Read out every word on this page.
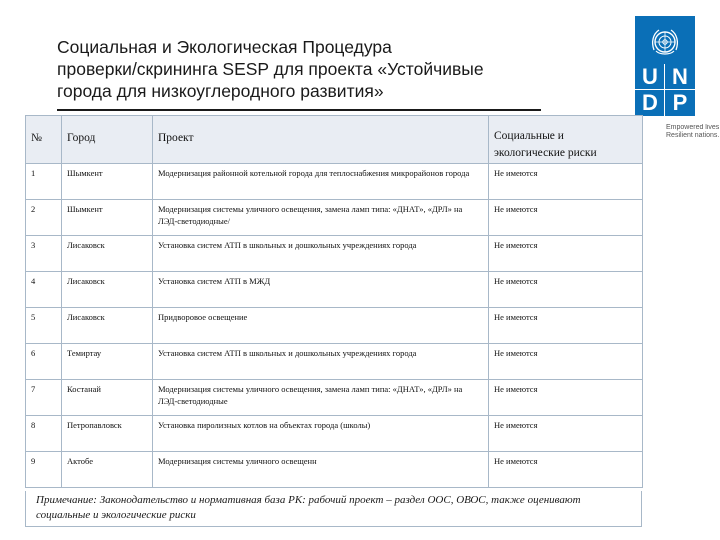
Социальная и Экологическая Процедура
проверки/скрининга SESP для проекта «Устойчивые
города для низкоуглеродного развития»
U N
D P
Empowered lives
Resilient nations.
№	Город	Проект	Социальные и экологические риски
1	Шымкент	Модернизация районной котельной города для теплоснабжения микрорайонов города	Не имеются
2	Шымкент	Модернизация системы уличного освещения, замена ламп типа: «ДНАТ», «ДРЛ» на ЛЭД-светодиодные/	Не имеются
3	Лисаковск	Установка систем АТП в школьных и дошкольных учреждениях города	Не имеются
4	Лисаковск	Установка систем АТП в МЖД	Не имеются
5	Лисаковск	Придворовое освещение	Не имеются
6	Темиртау	Установка систем АТП в школьных и дошкольных учреждениях города	Не имеются
7	Костанай	Модернизация системы уличного освещения, замена ламп типа: «ДНАТ», «ДРЛ» на ЛЭД-светодиодные	Не имеются
8	Петропавловск	Установка пиролизных котлов на объектах города (школы)	Не имеются
9	Актобе	Модернизация системы уличного освещенн	Не имеются
Примечание: Законодательство и нормативная база РК: рабочий проект – раздел ООС, ОВОС, также оценивают социальные и экологические риски
